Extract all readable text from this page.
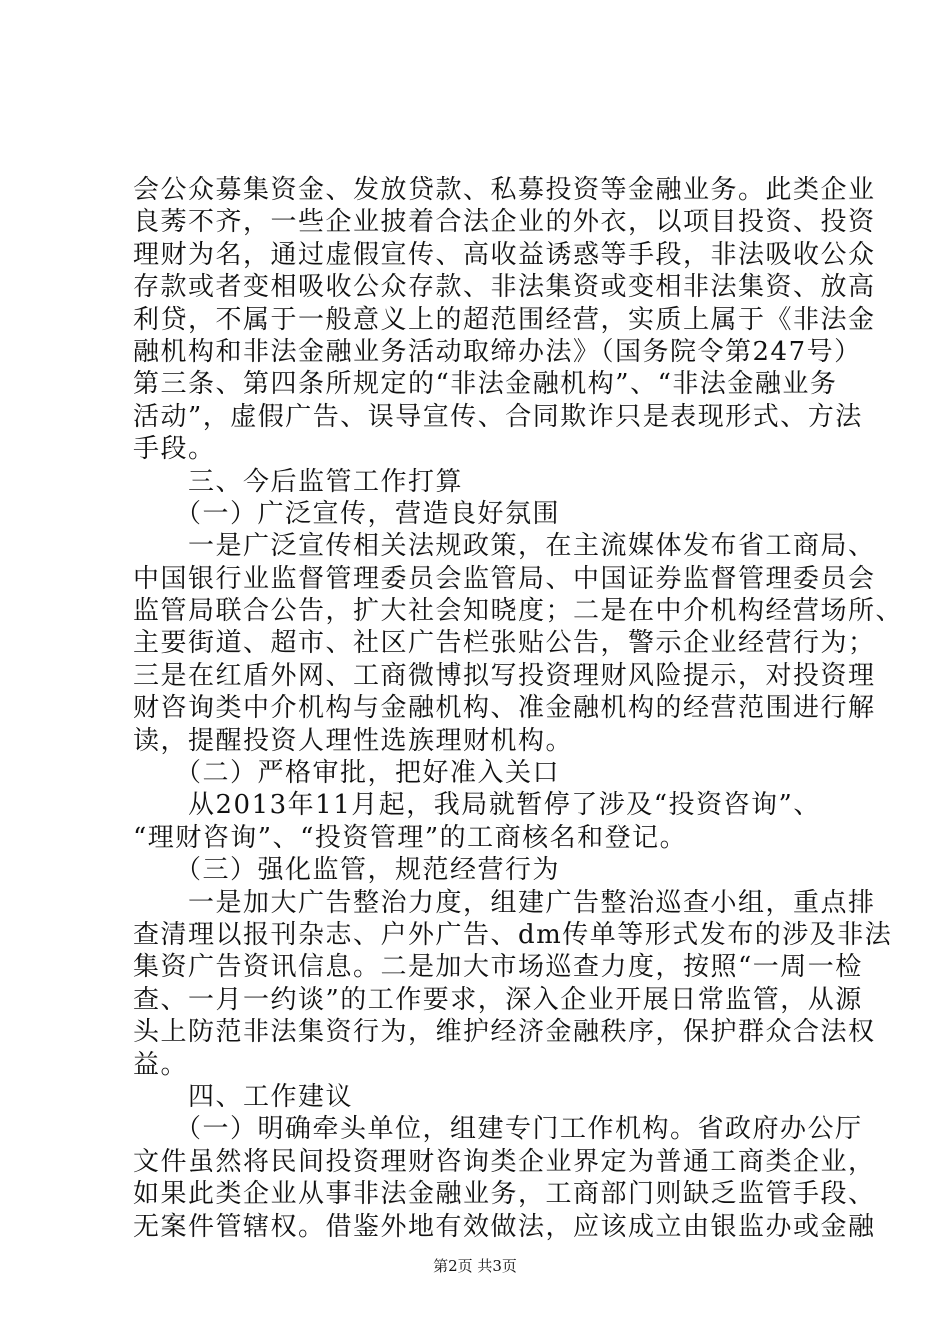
会公众募集资金、发放贷款、私募投资等金融业务。此类企业
良莠不齐，一些企业披着合法企业的外衣，以项目投资、投资
理财为名，通过虚假宣传、高收益诱惑等手段，非法吸收公众
存款或者变相吸收公众存款、非法集资或变相非法集资、放高
利贷，不属于一般意义上的超范围经营，实质上属于《非法金
融机构和非法金融业务活动取缔办法》（国务院令第247号）
第三条、第四条所规定的“非法金融机构”、“非法金融业务
活动”，虚假广告、误导宣传、合同欺诈只是表现形式、方法
手段。
　　三、今后监管工作打算
　　（一）广泛宣传，营造良好氛围
　　一是广泛宣传相关法规政策，在主流媒体发布省工商局、
中国银行业监督管理委员会监管局、中国证券监督管理委员会
监管局联合公告，扩大社会知晓度；二是在中介机构经营场所、
主要街道、超市、社区广告栏张贴公告，警示企业经营行为；
三是在红盾外网、工商微博拟写投资理财风险提示，对投资理
财咨询类中介机构与金融机构、准金融机构的经营范围进行解
读，提醒投资人理性选族理财机构。
　　（二）严格审批，把好准入关口
　　从2013年11月起，我局就暂停了涉及“投资咨询”、
“理财咨询”、“投资管理”的工商核名和登记。
　　（三）强化监管，规范经营行为
　　一是加大广告整治力度，组建广告整治巡查小组，重点排
查清理以报刊杂志、户外广告、dm传单等形式发布的涉及非法
集资广告资讯信息。二是加大市场巡查力度，按照“一周一检
查、一月一约谈”的工作要求，深入企业开展日常监管，从源
头上防范非法集资行为，维护经济金融秩序，保护群众合法权
益。
　　四、工作建议
　　（一）明确牵头单位，组建专门工作机构。省政府办公厅
文件虽然将民间投资理财咨询类企业界定为普通工商类企业，
如果此类企业从事非法金融业务，工商部门则缺乏监管手段、
无案件管辖权。借鉴外地有效做法，应该成立由银监办或金融
第2页 共3页
